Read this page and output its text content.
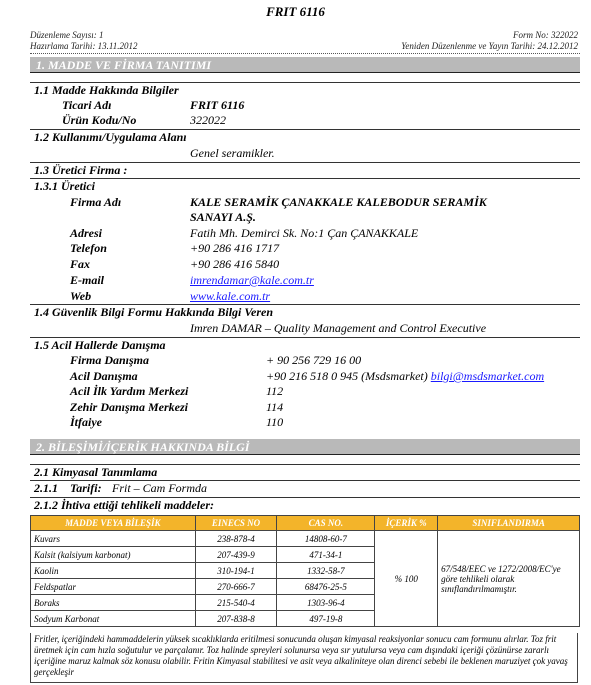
FRIT 6116
Düzenleme Sayısı: 1
Hazırlama Tarihi: 13.11.2012
Form No: 322022
Yeniden Düzenlenme ve Yayın Tarihi: 24.12.2012
1. MADDE VE FİRMA TANITIMI
1.1 Madde Hakkında Bilgiler
Ticari Adı	FRIT 6116
Ürün Kodu/No	322022
1.2 Kullanımı/Uygulama Alanı
Genel seramikler.
1.3 Üretici Firma :
1.3.1 Üretici
Firma Adı	KALE SERAMİK ÇANAKKALE KALEBODUR SERAMİK
SANAYI A.Ş.
Adresi	Fatih Mh. Demirci Sk. No:1 Çan ÇANAKKALE
Telefon	+90 286 416 1717
Fax	+90 286 416 5840
E-mail	imrendamar@kale.com.tr
Web	www.kale.com.tr
1.4 Güvenlik Bilgi Formu Hakkında Bilgi Veren
Imren DAMAR – Quality Management and Control Executive
1.5 Acil Hallerde Danışma
Firma Danışma	+ 90 256 729 16 00
Acil Danışma	+90 216 518 0 945 (Msdsmarket) bilgi@msdsmarket.com
Acil İlk Yardım Merkezi	112
Zehir Danışma Merkezi	114
İtfaiye	110
2. BİLEŞİMİ/İÇERİK HAKKINDA BİLGİ
2.1 Kimyasal Tanımlama
2.1.1 Tarifi: Frit – Cam Formda
2.1.2 İhtiva ettiği tehlikeli maddeler:
MADDE VEYA BİLEŞİK	EINECS NO	CAS NO.	İÇERİK %	SINIFLANDIRMA
Kuvars	238-878-4	14808-60-7	% 100	67/548/EEC ve 1272/2008/EC'ye göre tehlikeli olarak sınıflandırılmamıştır.
Kalsit (kalsiyum karbonat)	207-439-9	471-34-1		
Kaolin	310-194-1	1332-58-7		
Feldspatlar	270-666-7	68476-25-5		
Boraks	215-540-4	1303-96-4		
Sodyum Karbonat	207-838-8	497-19-8		
Fritler, içeriğindeki hammaddelerin yüksek sıcaklıklarda eritilmesi sonucunda oluşan kimyasal reaksiyonlar sonucu cam formunu alırlar. Toz frit üretmek için cam hızla soğutulur ve parçalanır. Toz halinde spreyleri solunursa veya sır yutulursa veya cam dışındaki içeriği çözünürse zararlı içeriğine maruz kalmak söz konusu olabilir. Fritin Kimyasal stabilitesi ve asit veya alkaliniteye olan direnci sebebi ile beklenen maruziyet çok yavaş gerçekleşir
